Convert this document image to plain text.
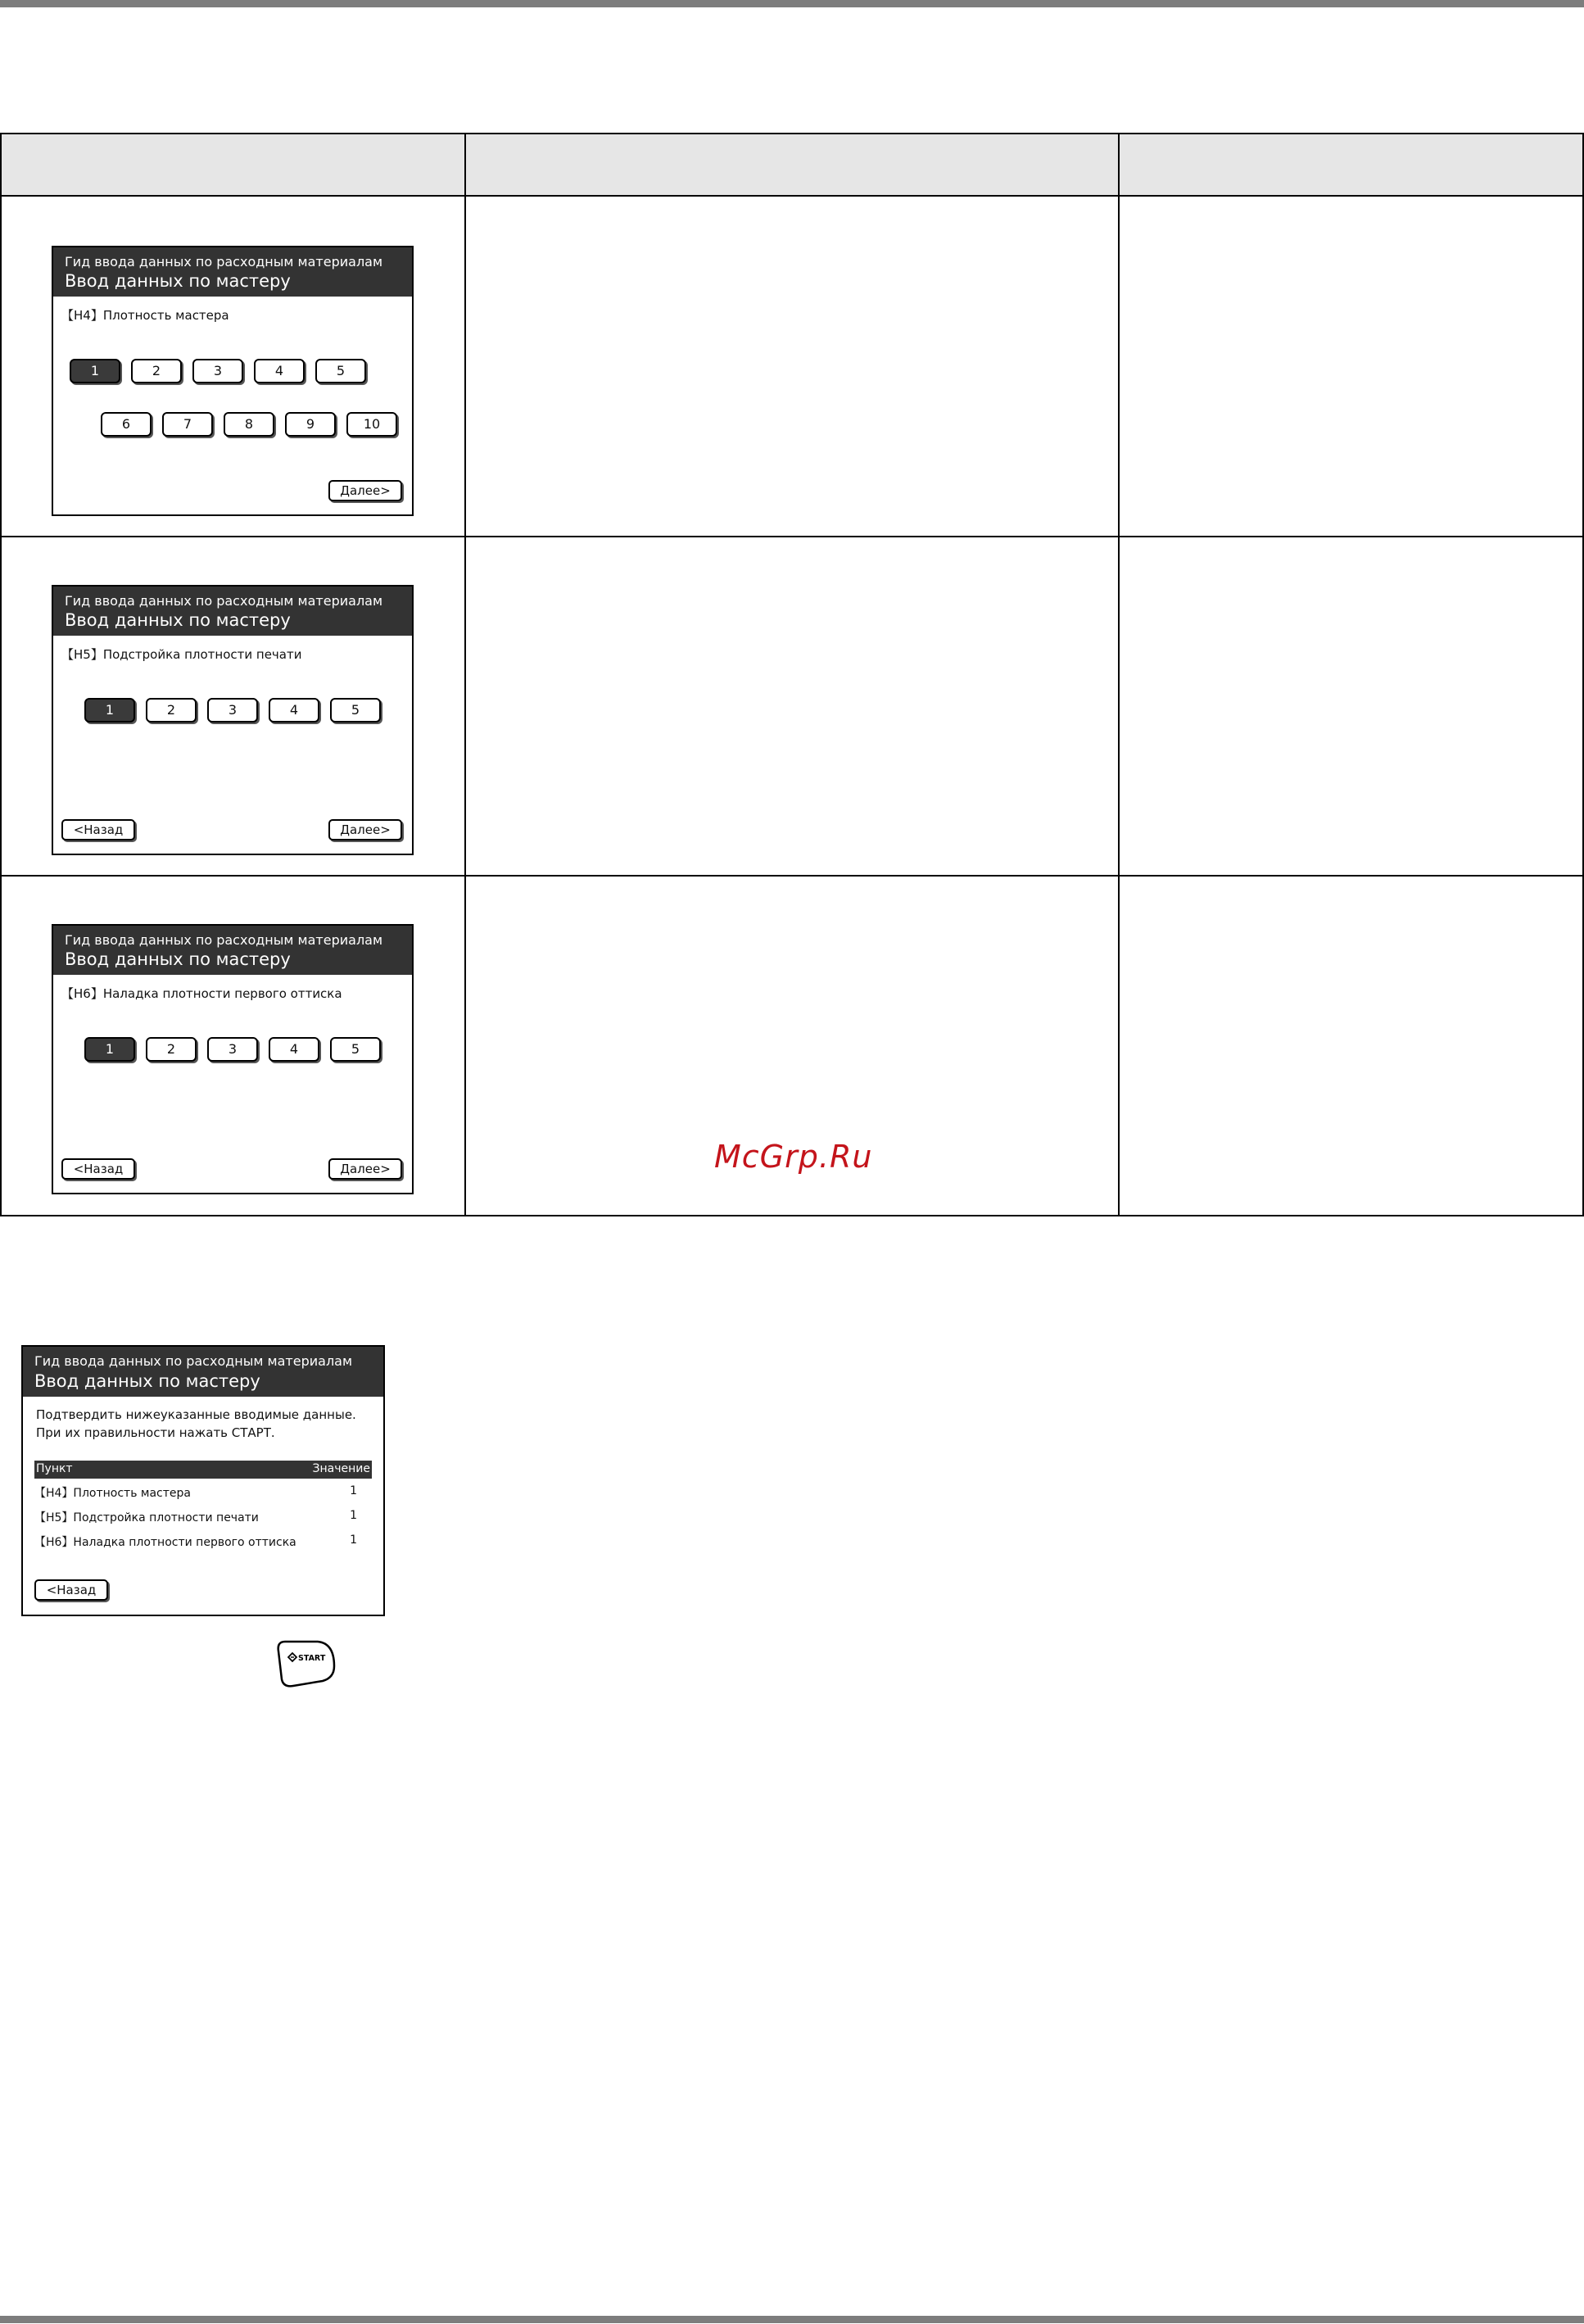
Гид ввода данных по расходным материалам
Ввод данных по мастеру
【H4】Плотность мастера
1	2	3	4	5
6	7	8	9	10
Далее>
Гид ввода данных по расходным материалам
Ввод данных по мастеру
【H5】Подстройка плотности печати
1	2	3	4	5
<Назад	Далее>
Гид ввода данных по расходным материалам
Ввод данных по мастеру
【H6】Наладка плотности первого оттиска
1	2	3	4	5
<Назад	Далее>	McGrp.Ru
Гид ввода данных по расходным материалам
Ввод данных по мастеру
Подтвердить нижеуказанные вводимые данные.
При их правильности нажать СТАРТ.
Пункт	Значение
【H4】Плотность мастера	1
【H5】Подстройка плотности печати	1
【H6】Наладка плотности первого оттиска	1
<Назад
START
